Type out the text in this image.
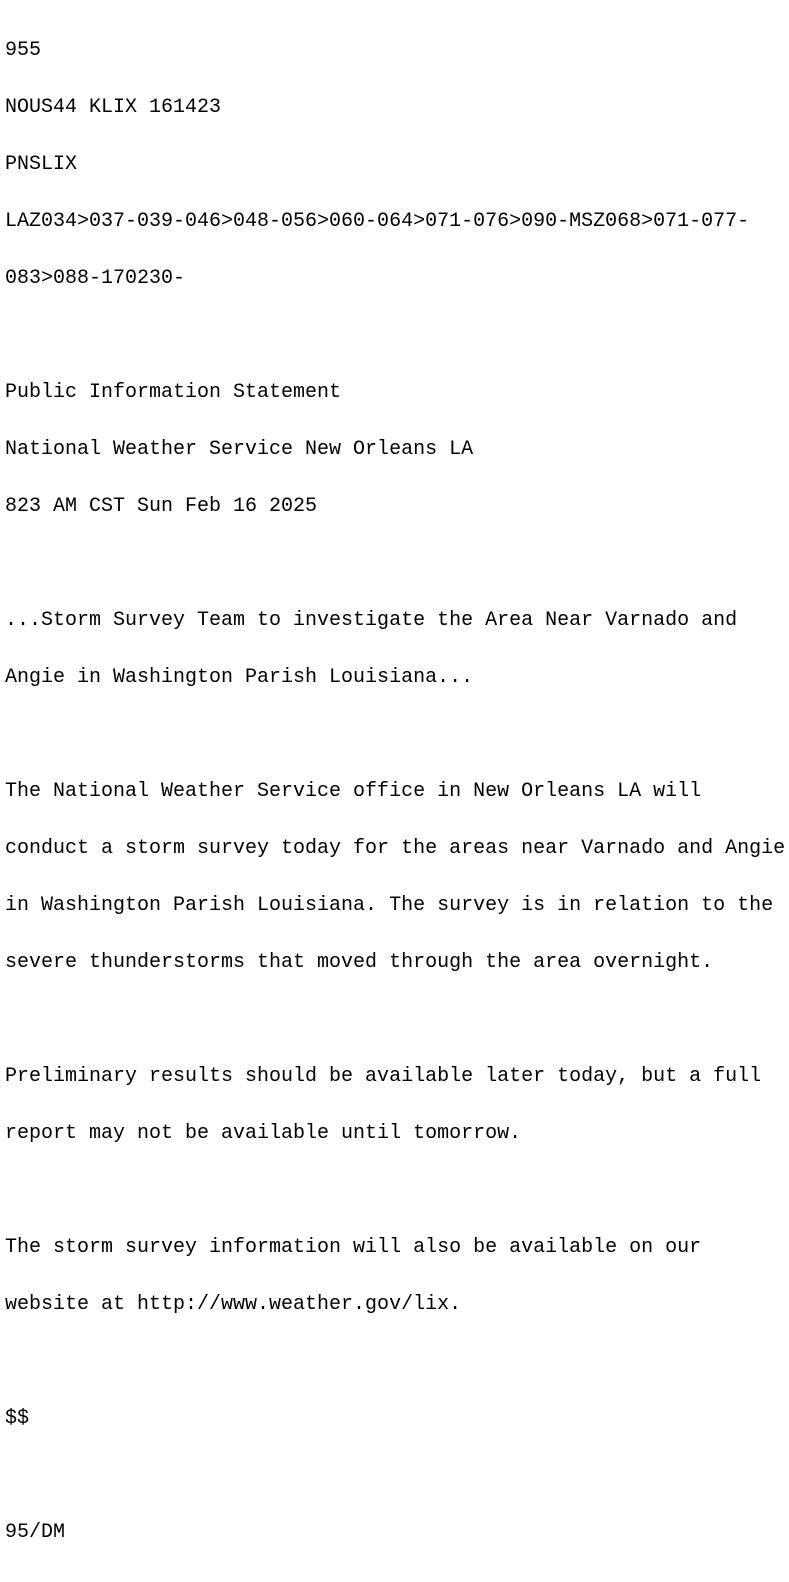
955

NOUS44 KLIX 161423

PNSLIX

LAZ034>037-039-046>048-056>060-064>071-076>090-MSZ068>071-077-

083>088-170230-

Public Information Statement

National Weather Service New Orleans LA

823 AM CST Sun Feb 16 2025

...Storm Survey Team to investigate the Area Near Varnado and

Angie in Washington Parish Louisiana...

The National Weather Service office in New Orleans LA will

conduct a storm survey today for the areas near Varnado and Angie

in Washington Parish Louisiana. The survey is in relation to the

severe thunderstorms that moved through the area overnight.

Preliminary results should be available later today, but a full

report may not be available until tomorrow.

The storm survey information will also be available on our

website at http://www.weather.gov/lix.

$$

95/DM
